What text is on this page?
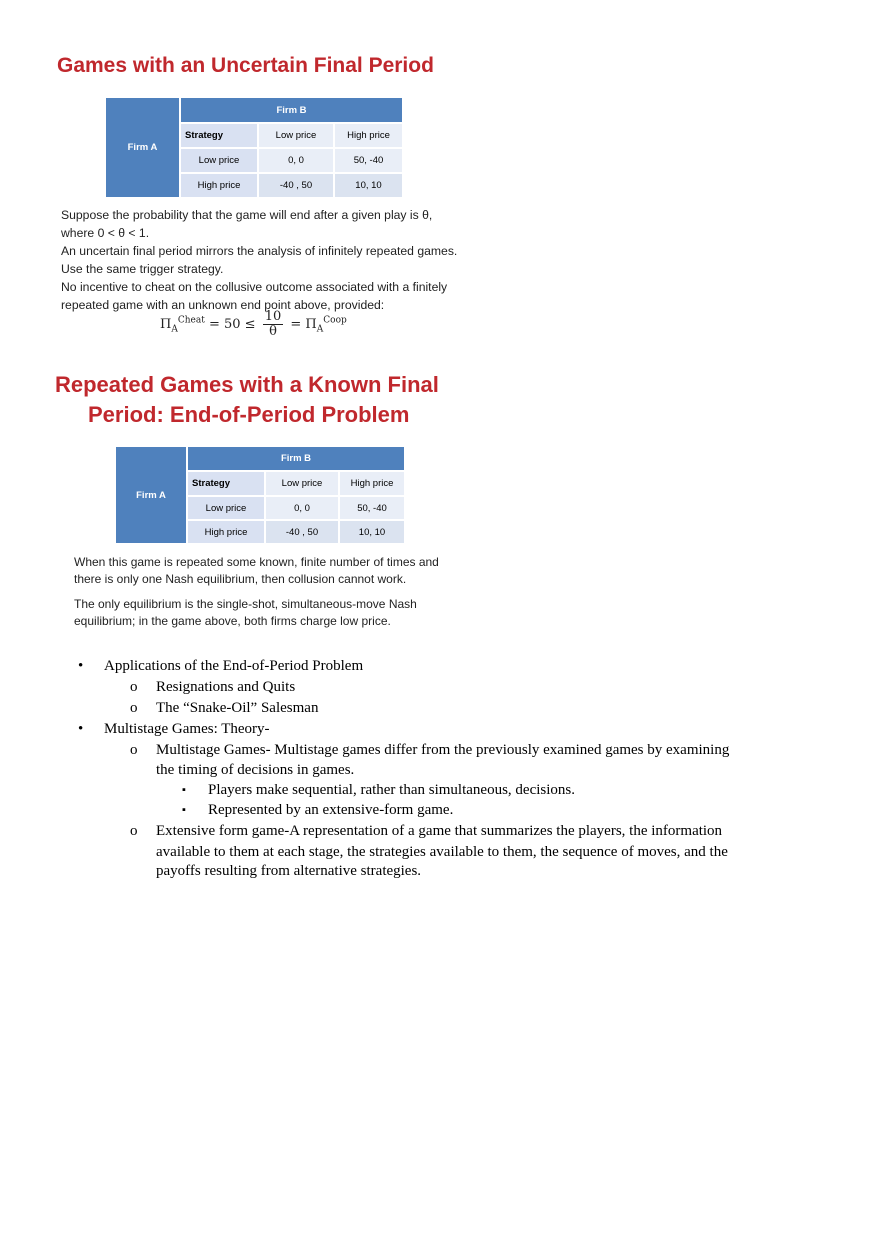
Games with an Uncertain Final Period
Firm A	Firm B		
	Strategy	Low price	High price
	Low price	0, 0	50, -40
	High price	-40 , 50	10, 10

Suppose the probability that the game will end after a given play is θ, where 0 < θ < 1.

An uncertain final period mirrors the analysis of infinitely repeated games. Use the same trigger strategy.

No incentive to cheat on the collusive outcome associated with a finitely repeated game with an unknown end point above, provided:

$\Pi_A^{Cheat} = 50 \le \frac{10}{\theta} = \Pi_A^{Coop}$
Repeated Games with a Known Final
Period: End-of-Period Problem
Firm A	Firm B		
	Strategy	Low price	High price
	Low price	0, 0	50, -40
	High price	-40 , 50	10, 10

When this game is repeated some known, finite number of times and there is only one Nash equilibrium, then collusion cannot work.

The only equilibrium is the single-shot, simultaneous-move Nash equilibrium; in the game above, both firms charge low price.

• Applications of the End-of-Period Problem
o Resignations and Quits
o The “Snake-Oil” Salesman
• Multistage Games: Theory-
o Multistage Games- Multistage games differ from the previously examined games by examining
the timing of decisions in games.
▪ Players make sequential, rather than simultaneous, decisions.
▪ Represented by an extensive-form game.
o Extensive form game-A representation of a game that summarizes the players, the information
available to them at each stage, the strategies available to them, the sequence of moves, and the
payoffs resulting from alternative strategies.
